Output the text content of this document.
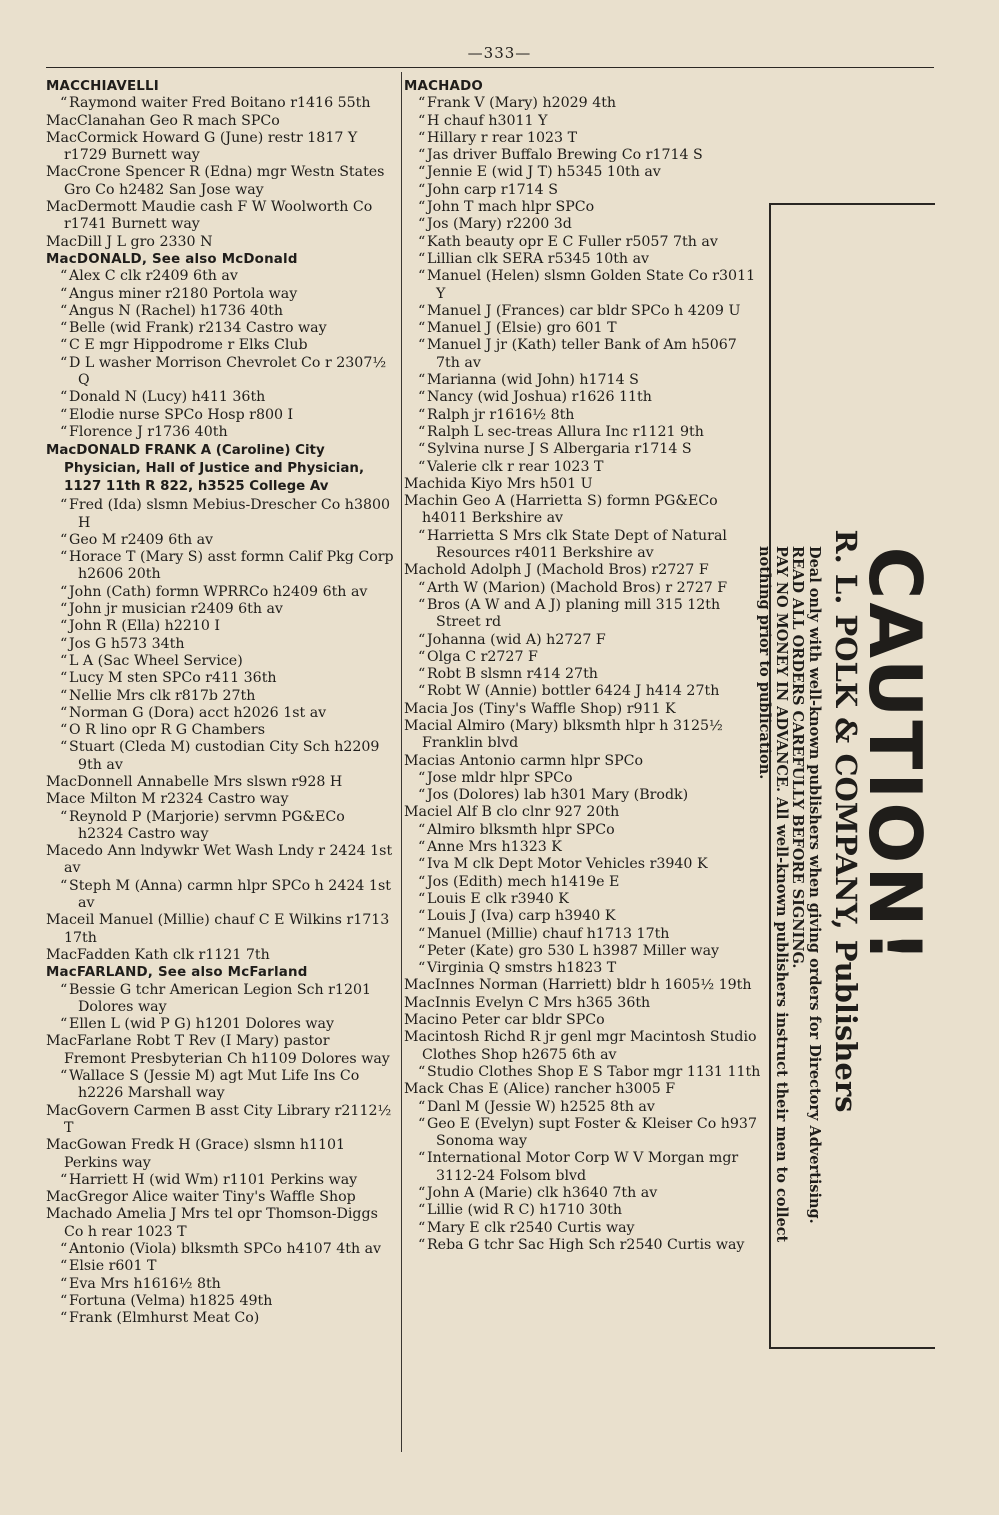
—333—

MACCHIAVELLI

“ Raymond waiter Fred Boitano r1416 55th

MacClanahan Geo R mach SPCo

MacCormick Howard G (June) restr 1817 Y r1729 Burnett way

MacCrone Spencer R (Edna) mgr Westn States Gro Co h2482 San Jose way

MacDermott Maudie cash F W Woolworth Co r1741 Burnett way

MacDill J L gro 2330 N

MacDONALD, See also McDonald

“ Alex C clk r2409 6th av

“ Angus miner r2180 Portola way

“ Angus N (Rachel) h1736 40th

“ Belle (wid Frank) r2134 Castro way

“ C E mgr Hippodrome r Elks Club

“ D L washer Morrison Chevrolet Co r 2307½ Q

“ Donald N (Lucy) h411 36th

“ Elodie nurse SPCo Hosp r800 I

“ Florence J r1736 40th

MacDONALD FRANK A (Caroline) City Physician, Hall of Justice and Physician, 1127 11th R 822, h3525 College Av

“ Fred (Ida) slsmn Mebius-Drescher Co h3800 H

“ Geo M r2409 6th av

“ Horace T (Mary S) asst formn Calif Pkg Corp h2606 20th

“ John (Cath) formn WPRRCo h2409 6th av

“ John jr musician r2409 6th av

“ John R (Ella) h2210 I

“ Jos G h573 34th

“ L A (Sac Wheel Service)

“ Lucy M sten SPCo r411 36th

“ Nellie Mrs clk r817b 27th

“ Norman G (Dora) acct h2026 1st av

“ O R lino opr R G Chambers

“ Stuart (Cleda M) custodian City Sch h2209 9th av

MacDonnell Annabelle Mrs slswn r928 H

Mace Milton M r2324 Castro way

“ Reynold P (Marjorie) servmn PG&ECo h2324 Castro way

Macedo Ann lndywkr Wet Wash Lndy r 2424 1st av

“ Steph M (Anna) carmn hlpr SPCo h 2424 1st av

Maceil Manuel (Millie) chauf C E Wilkins r1713 17th

MacFadden Kath clk r1121 7th

MacFARLAND, See also McFarland

“ Bessie G tchr American Legion Sch r1201 Dolores way

“ Ellen L (wid P G) h1201 Dolores way

MacFarlane Robt T Rev (I Mary) pastor Fremont Presbyterian Ch h1109 Dolores way

“ Wallace S (Jessie M) agt Mut Life Ins Co h2226 Marshall way

MacGovern Carmen B asst City Library r2112½ T

MacGowan Fredk H (Grace) slsmn h1101 Perkins way

“ Harriett H (wid Wm) r1101 Perkins way

MacGregor Alice waiter Tiny's Waffle Shop

Machado Amelia J Mrs tel opr Thomson-Diggs Co h rear 1023 T

“ Antonio (Viola) blksmth SPCo h4107 4th av

“ Elsie r601 T

“ Eva Mrs h1616½ 8th

“ Fortuna (Velma) h1825 49th

“ Frank (Elmhurst Meat Co)

MACHADO

“ Frank V (Mary) h2029 4th

“ H chauf h3011 Y

“ Hillary r rear 1023 T

“ Jas driver Buffalo Brewing Co r1714 S

“ Jennie E (wid J T) h5345 10th av

“ John carp r1714 S

“ John T mach hlpr SPCo

“ Jos (Mary) r2200 3d

“ Kath beauty opr E C Fuller r5057 7th av

“ Lillian clk SERA r5345 10th av

“ Manuel (Helen) slsmn Golden State Co r3011 Y

“ Manuel J (Frances) car bldr SPCo h 4209 U

“ Manuel J (Elsie) gro 601 T

“ Manuel J jr (Kath) teller Bank of Am h5067 7th av

“ Marianna (wid John) h1714 S

“ Nancy (wid Joshua) r1626 11th

“ Ralph jr r1616½ 8th

“ Ralph L sec-treas Allura Inc r1121 9th

“ Sylvina nurse J S Albergaria r1714 S

“ Valerie clk r rear 1023 T

Machida Kiyo Mrs h501 U

Machin Geo A (Harrietta S) formn PG&ECo h4011 Berkshire av

“ Harrietta S Mrs clk State Dept of Natural Resources r4011 Berkshire av

Machold Adolph J (Machold Bros) r2727 F

“ Arth W (Marion) (Machold Bros) r 2727 F

“ Bros (A W and A J) planing mill 315 12th Street rd

“ Johanna (wid A) h2727 F

“ Olga C r2727 F

“ Robt B slsmn r414 27th

“ Robt W (Annie) bottler 6424 J h414 27th

Macia Jos (Tiny's Waffle Shop) r911 K

Macial Almiro (Mary) blksmth hlpr h 3125½ Franklin blvd

Macias Antonio carmn hlpr SPCo

“ Jose mldr hlpr SPCo

“ Jos (Dolores) lab h301 Mary (Brodk)

Maciel Alf B clo clnr 927 20th

“ Almiro blksmth hlpr SPCo

“ Anne Mrs h1323 K

“ Iva M clk Dept Motor Vehicles r3940 K

“ Jos (Edith) mech h1419e E

“ Louis E clk r3940 K

“ Louis J (Iva) carp h3940 K

“ Manuel (Millie) chauf h1713 17th

“ Peter (Kate) gro 530 L h3987 Miller way

“ Virginia Q smstrs h1823 T

MacInnes Norman (Harriett) bldr h 1605½ 19th

MacInnis Evelyn C Mrs h365 36th

Macino Peter car bldr SPCo

Macintosh Richd R jr genl mgr Macintosh Studio Clothes Shop h2675 6th av

“ Studio Clothes Shop E S Tabor mgr 1131 11th

Mack Chas E (Alice) rancher h3005 F

“ Danl M (Jessie W) h2525 8th av

“ Geo E (Evelyn) supt Foster & Kleiser Co h937 Sonoma way

“ International Motor Corp W V Morgan mgr 3112-24 Folsom blvd

“ John A (Marie) clk h3640 7th av

“ Lillie (wid R C) h1710 30th

“ Mary E clk r2540 Curtis way

“ Reba G tchr Sac High Sch r2540 Curtis way

CAUTION!
R. L. POLK & COMPANY, Publishers
Deal only with well-known publishers when giving orders for Directory Advertising.
READ ALL ORDERS CAREFULLY BEFORE SIGNING.
PAY NO MONEY IN ADVANCE. All well-known publishers instruct their men to collect nothing prior to publication.
